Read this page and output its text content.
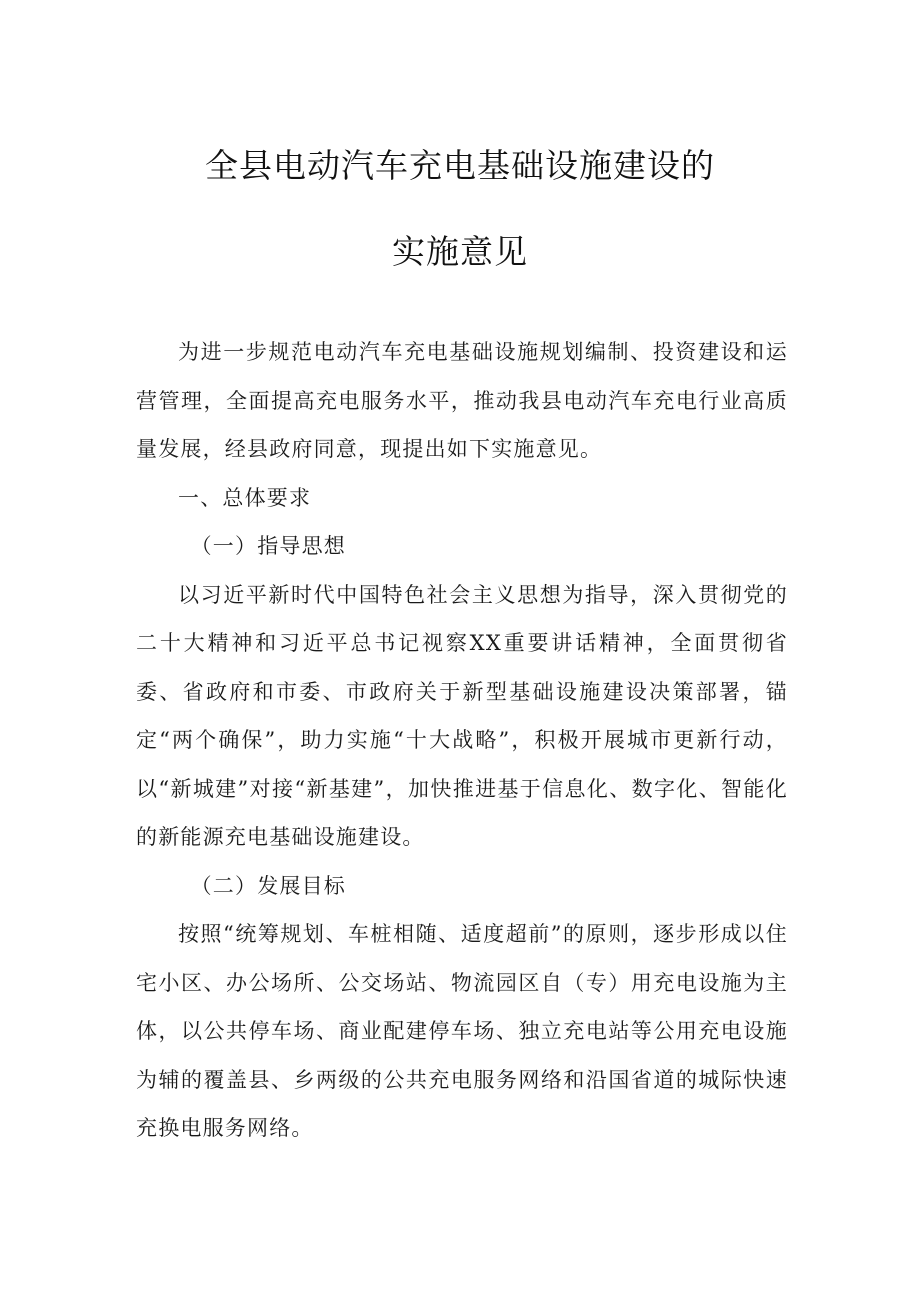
全县电动汽车充电基础设施建设的
实施意见

为进一步规范电动汽车充电基础设施规划编制、投资建设和运营管理，全面提高充电服务水平，推动我县电动汽车充电行业高质量发展，经县政府同意，现提出如下实施意见。

一、总体要求

（一）指导思想

以习近平新时代中国特色社会主义思想为指导，深入贯彻党的二十大精神和习近平总书记视察XX重要讲话精神，全面贯彻省委、省政府和市委、市政府关于新型基础设施建设决策部署，锚定“两个确保”，助力实施“十大战略”，积极开展城市更新行动，以“新城建”对接“新基建”，加快推进基于信息化、数字化、智能化的新能源充电基础设施建设。

（二）发展目标

按照“统筹规划、车桩相随、适度超前”的原则，逐步形成以住宅小区、办公场所、公交场站、物流园区自（专）用充电设施为主体，以公共停车场、商业配建停车场、独立充电站等公用充电设施为辅的覆盖县、乡两级的公共充电服务网络和沿国省道的城际快速充换电服务网络。
